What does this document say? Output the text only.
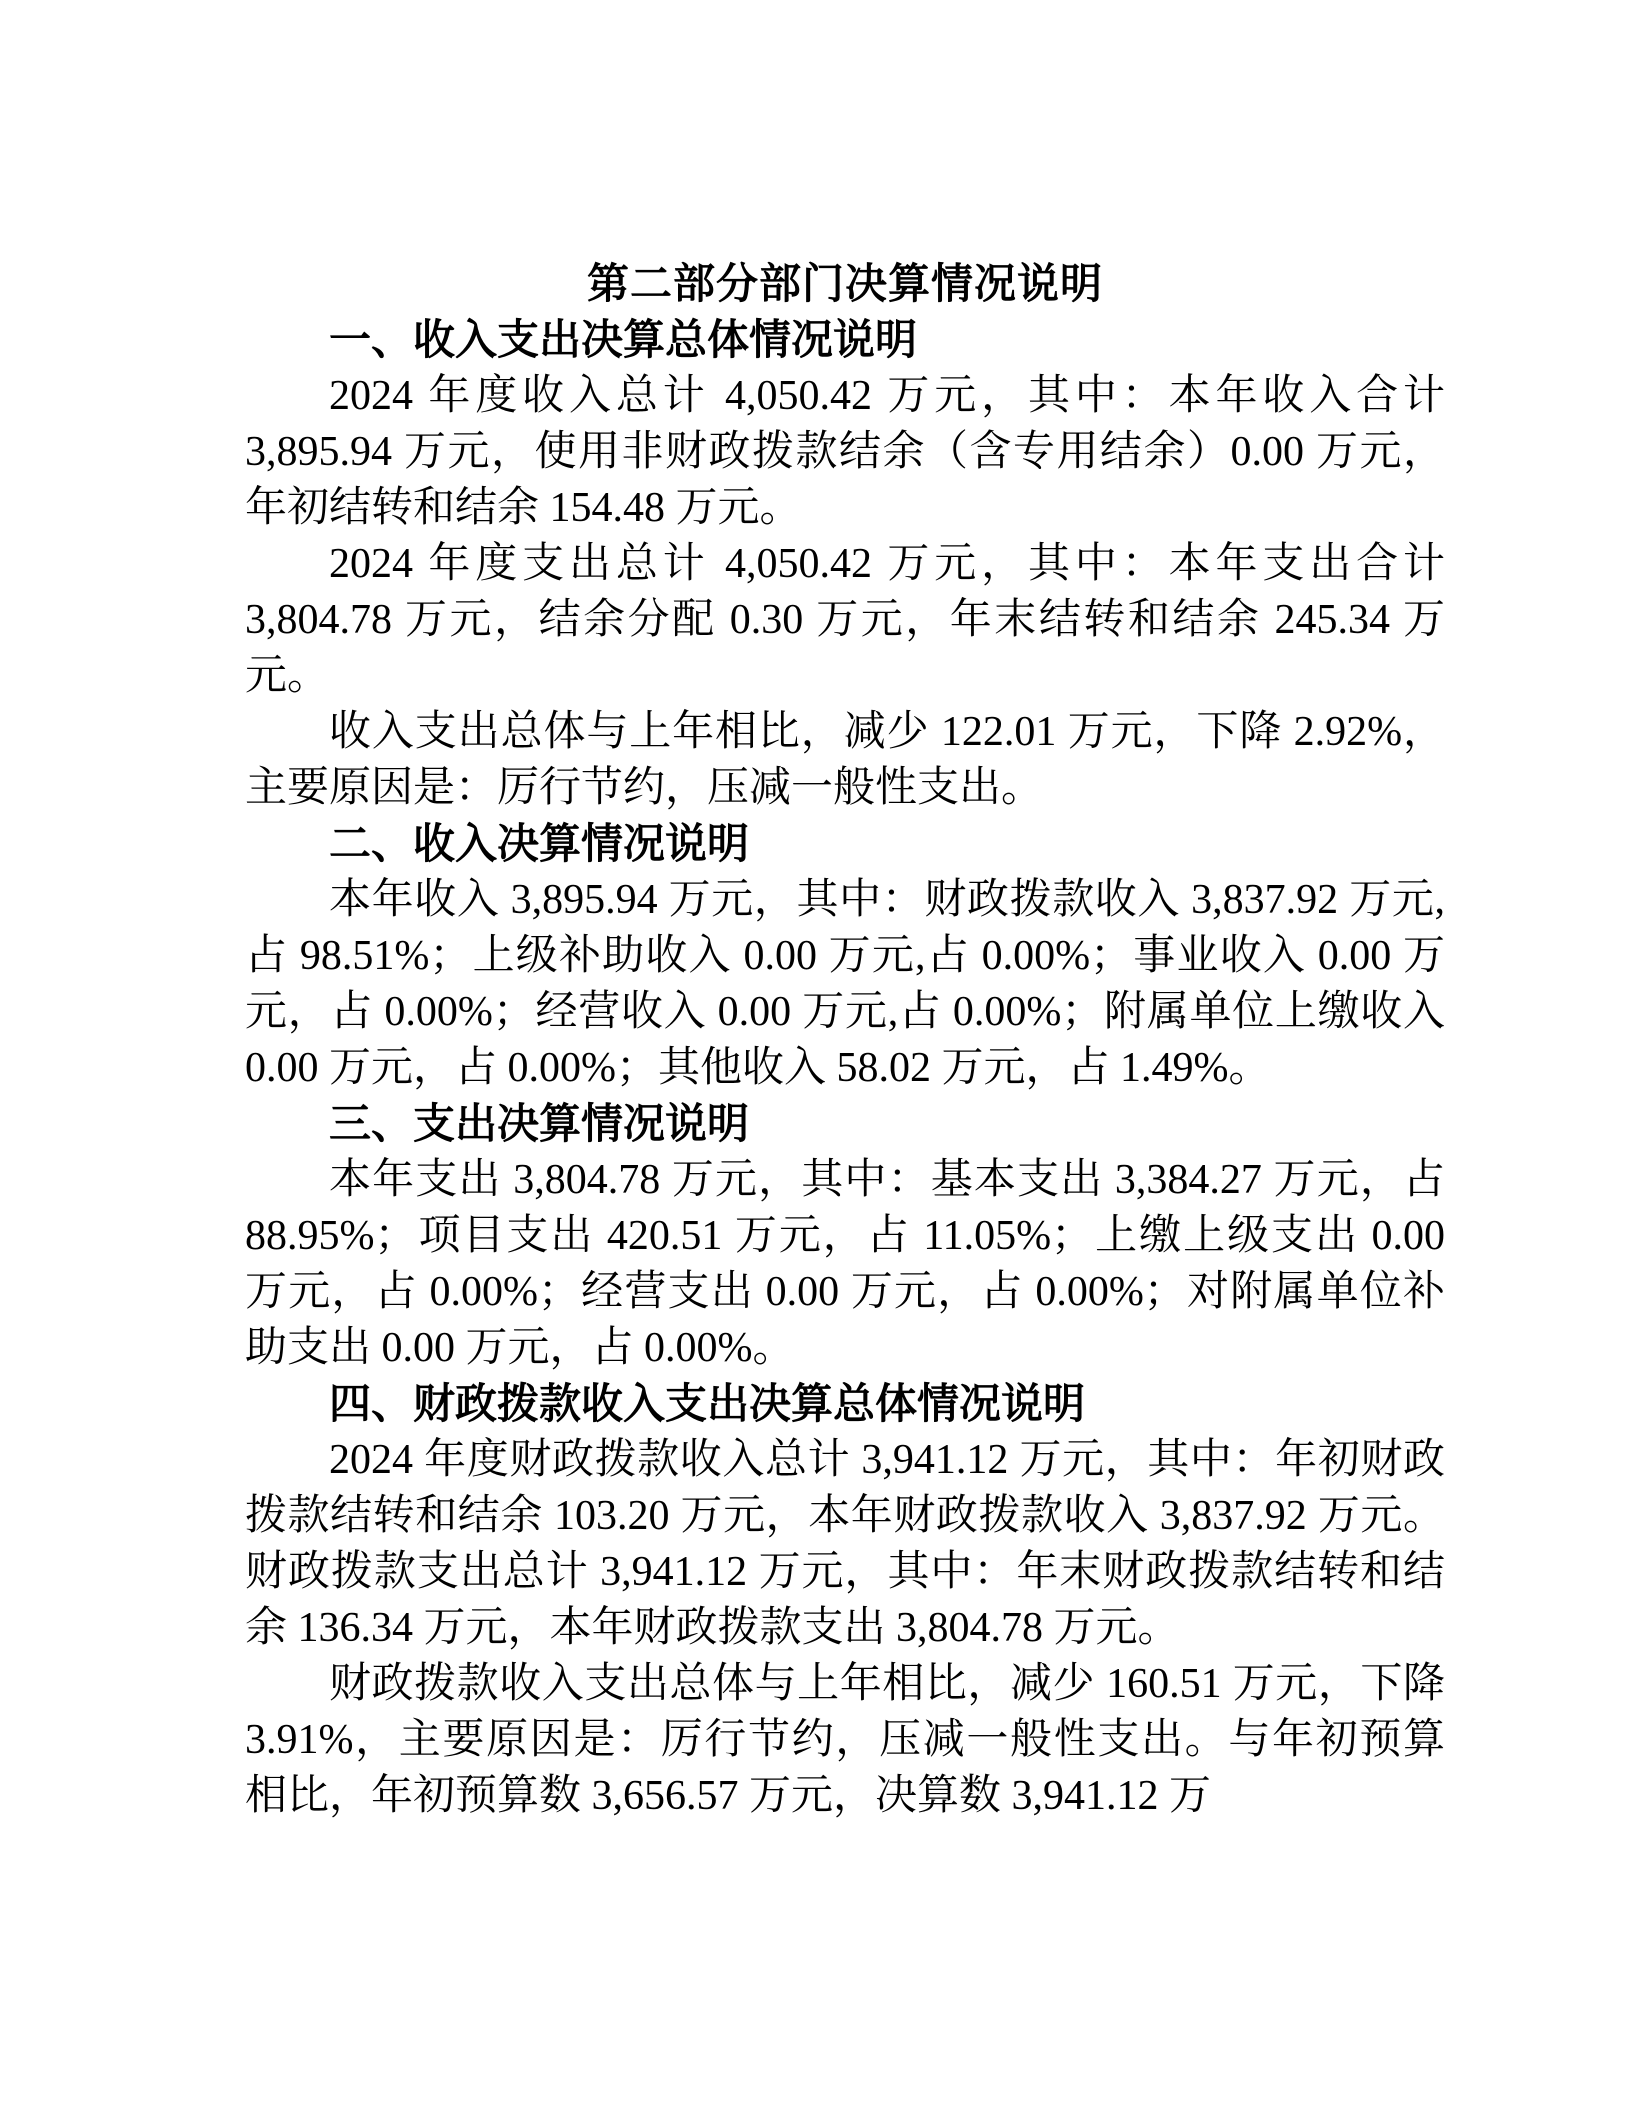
第二部分部门决算情况说明
一、收入支出决算总体情况说明
2024 年度收入总计 4,050.42 万元，其中：本年收入合计 3,895.94 万元，使用非财政拨款结余（含专用结余）0.00 万元，年初结转和结余 154.48 万元。
2024 年度支出总计 4,050.42 万元，其中：本年支出合计 3,804.78 万元，结余分配 0.30 万元，年末结转和结余 245.34 万元。
收入支出总体与上年相比，减少 122.01 万元，下降 2.92%，主要原因是：厉行节约，压减一般性支出。
二、收入决算情况说明
本年收入 3,895.94 万元，其中：财政拨款收入 3,837.92 万元,占 98.51%；上级补助收入 0.00 万元,占 0.00%；事业收入 0.00 万元，占 0.00%；经营收入 0.00 万元,占 0.00%；附属单位上缴收入 0.00 万元，占 0.00%；其他收入 58.02 万元，占 1.49%。
三、支出决算情况说明
本年支出 3,804.78 万元，其中：基本支出 3,384.27 万元，占 88.95%；项目支出 420.51 万元，占 11.05%；上缴上级支出 0.00 万元，占 0.00%；经营支出 0.00 万元，占 0.00%；对附属单位补助支出 0.00 万元，占 0.00%。
四、财政拨款收入支出决算总体情况说明
2024 年度财政拨款收入总计 3,941.12 万元，其中：年初财政拨款结转和结余 103.20 万元，本年财政拨款收入 3,837.92 万元。财政拨款支出总计 3,941.12 万元，其中：年末财政拨款结转和结余 136.34 万元，本年财政拨款支出 3,804.78 万元。
财政拨款收入支出总体与上年相比，减少 160.51 万元，下降 3.91%，主要原因是：厉行节约，压减一般性支出。与年初预算相比，年初预算数 3,656.57 万元，决算数 3,941.12 万
